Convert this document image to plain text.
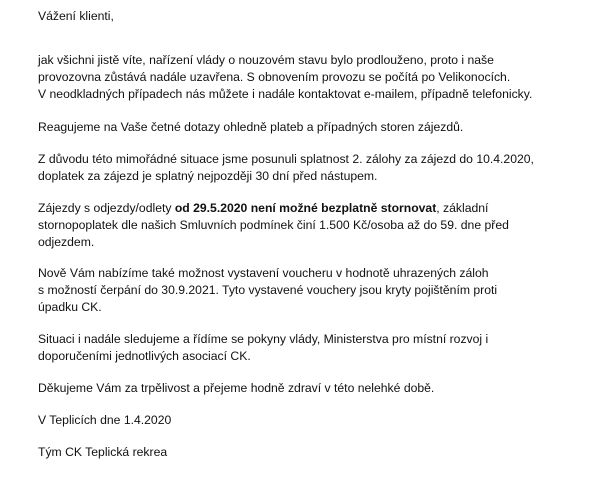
Vážení klienti,
jak všichni jistě víte, nařízení vlády o nouzovém stavu bylo prodlouženo, proto i naše
provozovna zůstává nadále uzavřena. S obnovením provozu se počítá po Velikonocích.
V neodkladných případech nás můžete i nadále kontaktovat e-mailem, případně telefonicky.
Reagujeme na Vaše četné dotazy ohledně plateb a případných storen zájezdů.
Z důvodu této mimořádné situace jsme posunuli splatnost 2. zálohy za zájezd do 10.4.2020,
doplatek za zájezd je splatný nejpozději 30 dní před nástupem.
Zájezdy s odjezdy/odlety od 29.5.2020 není možné bezplatně stornovat, základní
stornopoplatek dle našich Smluvních podmínek činí 1.500 Kč/osoba až do 59. dne před
odjezdem.
Nově Vám nabízíme také možnost vystavení voucheru v hodnotě uhrazených záloh
s možností čerpání do 30.9.2021. Tyto vystavené vouchery jsou kryty pojištěním proti
úpadku CK.
Situaci i nadále sledujeme a řídíme se pokyny vlády, Ministerstva pro místní rozvoj i
doporučeními jednotlivých asociací CK.
Děkujeme Vám za trpělivost a přejeme hodně zdraví v této nelehké době.
V Teplicích dne 1.4.2020
Tým CK Teplická rekrea
